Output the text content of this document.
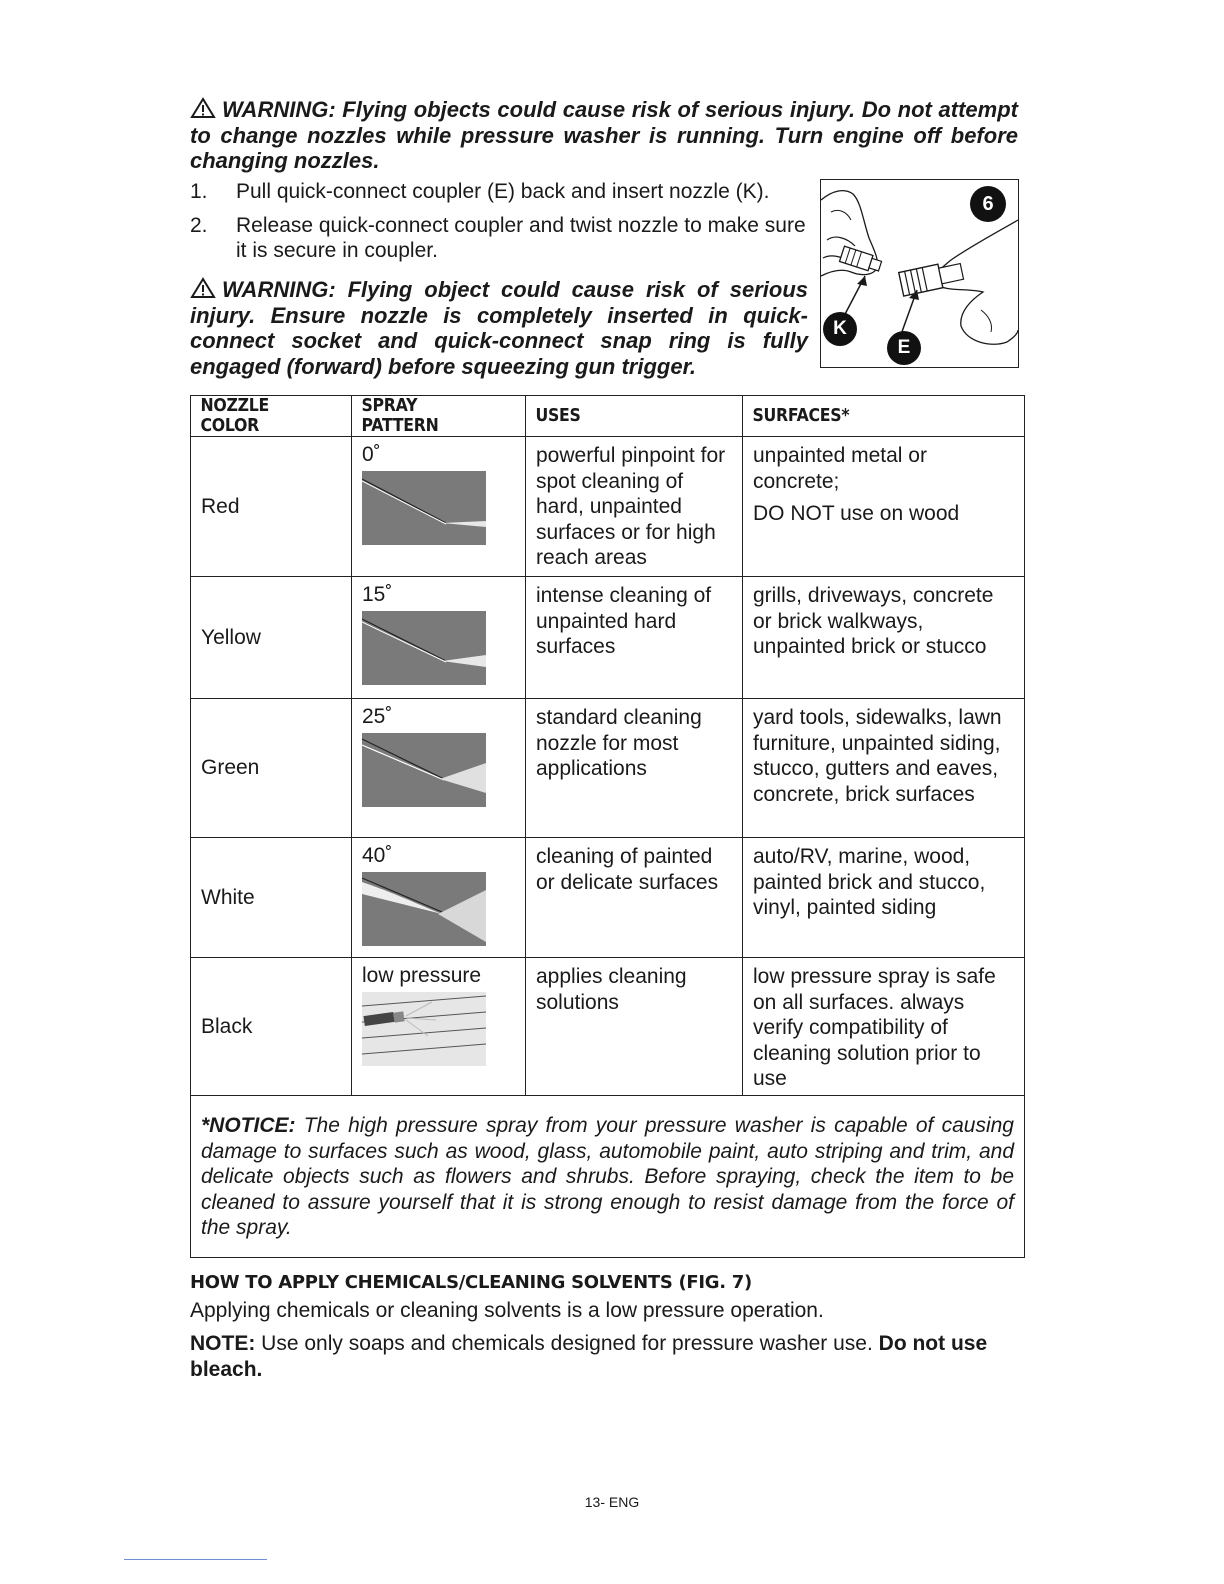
WARNING: Flying objects could cause risk of serious injury. Do not attempt to change nozzles while pressure washer is running. Turn engine off before changing nozzles.

1.	Pull quick-connect coupler (E) back and insert nozzle (K).
2.	Release quick-connect coupler and twist nozzle to make sure it is secure in coupler.

WARNING: Flying object could cause risk of serious injury. Ensure nozzle is completely inserted in quick-connect socket and quick-connect snap ring is fully engaged (forward) before squeezing gun trigger.

6
K
E
NOZZLE COLOR	SPRAY PATTERN	USES	SURFACES*
Red	0˚	powerful pinpoint for spot cleaning of hard, unpainted surfaces or for high reach areas	unpainted metal or concrete;
DO NOT use on wood

Yellow	15˚	intense cleaning of unpainted hard surfaces	grills, driveways, concrete or brick walkways, unpainted brick or stucco

Green	25˚	standard cleaning nozzle for most applications	yard tools, sidewalks, lawn furniture, unpainted siding, stucco, gutters and eaves, concrete, brick surfaces

White	40˚	cleaning of painted or delicate surfaces	auto/RV, marine, wood, painted brick and stucco, vinyl, painted siding

Black	low pressure	applies cleaning solutions	low pressure spray is safe on all surfaces. always verify compatibility of cleaning solution prior to use

*NOTICE: The high pressure spray from your pressure washer is capable of causing damage to surfaces such as wood, glass, automobile paint, auto striping and trim, and delicate objects such as flowers and shrubs. Before spraying, check the item to be cleaned to assure yourself that it is strong enough to resist damage from the force of the spray.			

HOW TO APPLY CHEMICALS/CLEANING SOLVENTS (FIG. 7)

Applying chemicals or cleaning solvents is a low pressure operation.

NOTE: Use only soaps and chemicals designed for pressure washer use. Do not use bleach.

13- ENG
